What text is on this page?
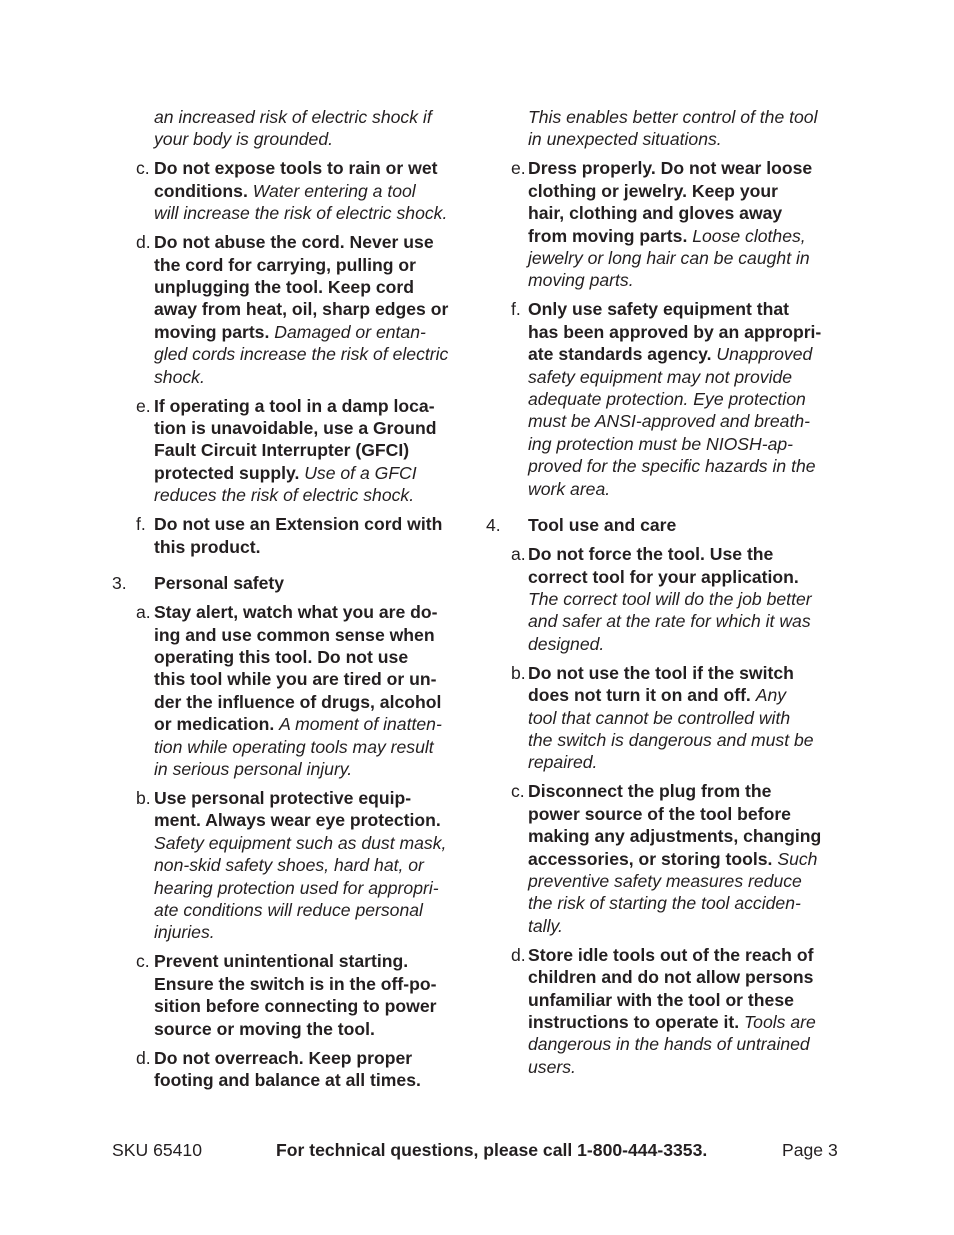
an increased risk of electric shock if
your body is grounded.
c. Do not expose tools to rain or wet
conditions. Water entering a tool
will increase the risk of electric shock.
d. Do not abuse the cord. Never use
the cord for carrying, pulling or
unplugging the tool. Keep cord
away from heat, oil, sharp edges or
moving parts. Damaged or entan-
gled cords increase the risk of electric
shock.
e. If operating a tool in a damp loca-
tion is unavoidable, use a Ground
Fault Circuit Interrupter (GFCI)
protected supply. Use of a GFCI
reduces the risk of electric shock.
f. Do not use an Extension cord with
this product.
3. Personal safety
a. Stay alert, watch what you are do-
ing and use common sense when
operating this tool. Do not use
this tool while you are tired or un-
der the influence of drugs, alcohol
or medication. A moment of inatten-
tion while operating tools may result
in serious personal injury.
b. Use personal protective equip-
ment. Always wear eye protection.
Safety equipment such as dust mask,
non-skid safety shoes, hard hat, or
hearing protection used for appropri-
ate conditions will reduce personal
injuries.
c. Prevent unintentional starting.
Ensure the switch is in the off-po-
sition before connecting to power
source or moving the tool.
d. Do not overreach. Keep proper
footing and balance at all times.
This enables better control of the tool
in unexpected situations.
e. Dress properly. Do not wear loose
clothing or jewelry. Keep your
hair, clothing and gloves away
from moving parts. Loose clothes,
jewelry or long hair can be caught in
moving parts.
f. Only use safety equipment that
has been approved by an appropri-
ate standards agency. Unapproved
safety equipment may not provide
adequate protection. Eye protection
must be ANSI-approved and breath-
ing protection must be NIOSH-ap-
proved for the specific hazards in the
work area.
4. Tool use and care
a. Do not force the tool. Use the
correct tool for your application.
The correct tool will do the job better
and safer at the rate for which it was
designed.
b. Do not use the tool if the switch
does not turn it on and off. Any
tool that cannot be controlled with
the switch is dangerous and must be
repaired.
c. Disconnect the plug from the
power source of the tool before
making any adjustments, changing
accessories, or storing tools. Such
preventive safety measures reduce
the risk of starting the tool acciden-
tally.
d. Store idle tools out of the reach of
children and do not allow persons
unfamiliar with the tool or these
instructions to operate it. Tools are
dangerous in the hands of untrained
users.
SKU 65410	For technical questions, please call 1-800-444-3353.	Page 3
